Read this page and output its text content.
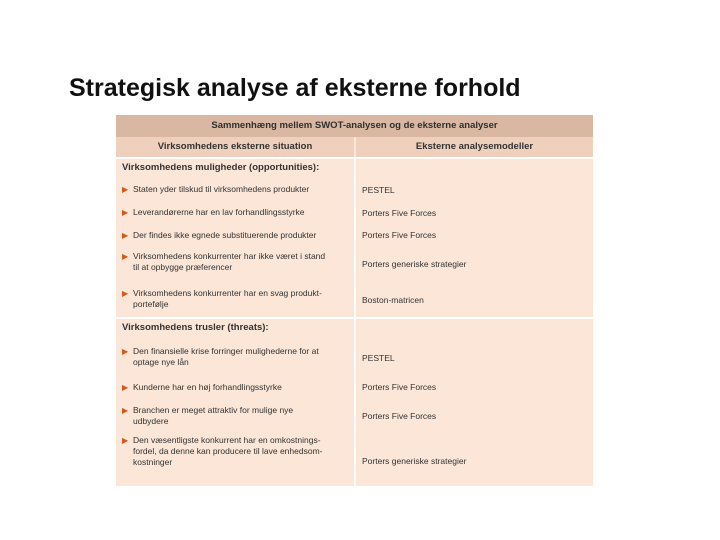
Strategisk analyse af eksterne forhold
Sammenhæng mellem SWOT-analysen og de eksterne analyser
Virksomhedens eksterne situation	Eksterne analysemodeller
Virksomhedens muligheder (opportunities):
▶ Staten yder tilskud til virksomhedens produkter	PESTEL
▶ Leverandørerne har en lav forhandlingsstyrke	Porters Five Forces
▶ Der findes ikke egnede substituerende produkter	Porters Five Forces
▶ Virksomhedens konkurrenter har ikke været i stand
til at opbygge præferencer	Porters generiske strategier
▶ Virksomhedens konkurrenter har en svag produkt-
portefølje	Boston-matricen
Virksomhedens trusler (threats):
▶ Den finansielle krise forringer mulighederne for at
optage nye lån	PESTEL
▶ Kunderne har en høj forhandlingsstyrke	Porters Five Forces
▶ Branchen er meget attraktiv for mulige nye
udbydere	Porters Five Forces
▶ Den væsentligste konkurrent har en omkostnings-
fordel, da denne kan producere til lave enhedsom-
kostninger	Porters generiske strategier
